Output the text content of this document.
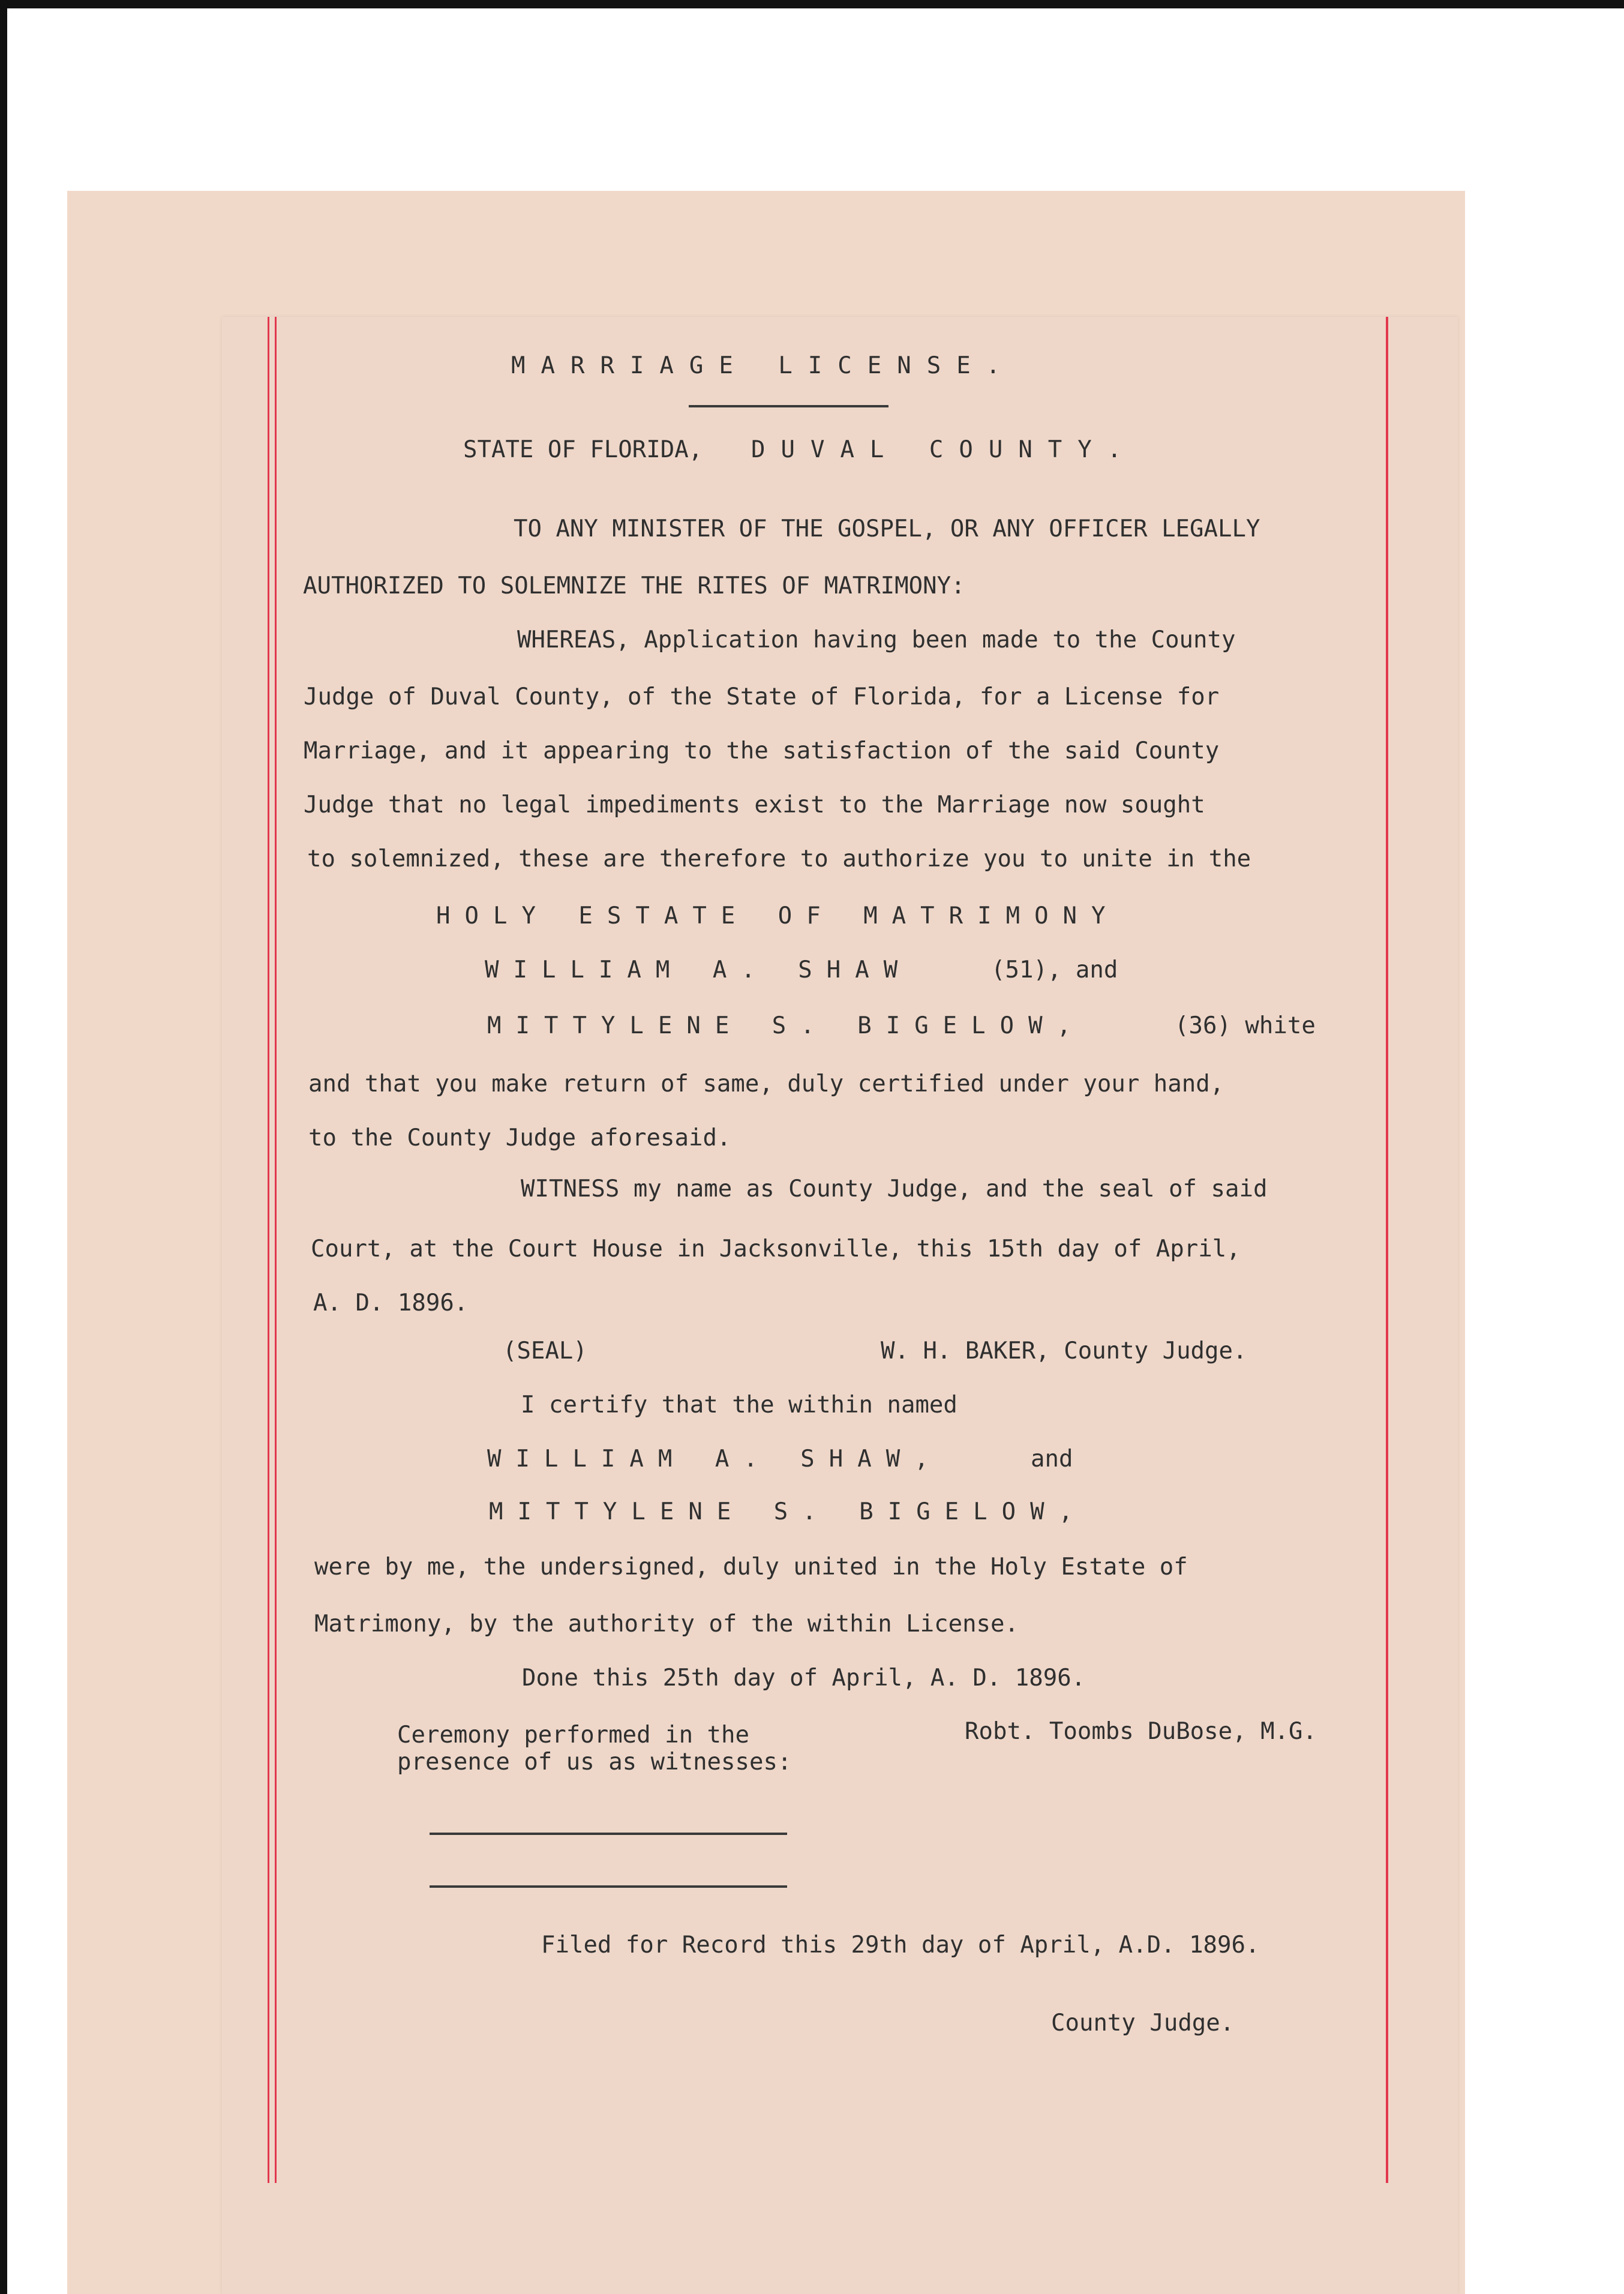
MARRIAGE LICENSE.
STATE OF FLORIDA, DUVAL COUNTY.
TO ANY MINISTER OF THE GOSPEL, OR ANY OFFICER LEGALLY
AUTHORIZED TO SOLEMNIZE THE RITES OF MATRIMONY:
WHEREAS, Application having been made to the County
Judge of Duval County, of the State of Florida, for a License for
Marriage, and it appearing to the satisfaction of the said County
Judge that no legal impediments exist to the Marriage now sought
to solemnized, these are therefore to authorize you to unite in the
HOLY ESTATE OF MATRIMONY
WILLIAM A. SHAW	(51), and
MITTYLENE S. BIGELOW,	(36) white
and that you make return of same, duly certified under your hand,
to the County Judge aforesaid.
WITNESS my name as County Judge, and the seal of said
Court, at the Court House in Jacksonville, this 15th day of April,
A. D. 1896.
(SEAL)	W. H. BAKER, County Judge.
I certify that the within named
WILLIAM A. SHAW,	and
MITTYLENE S. BIGELOW,
were by me, the undersigned, duly united in the Holy Estate of
Matrimony, by the authority of the within License.
Done this 25th day of April, A. D. 1896.
Ceremony performed in the
presence of us as witnesses:
Robt. Toombs DuBose, M.G.
Filed for Record this 29th day of April, A.D. 1896.
County Judge.
